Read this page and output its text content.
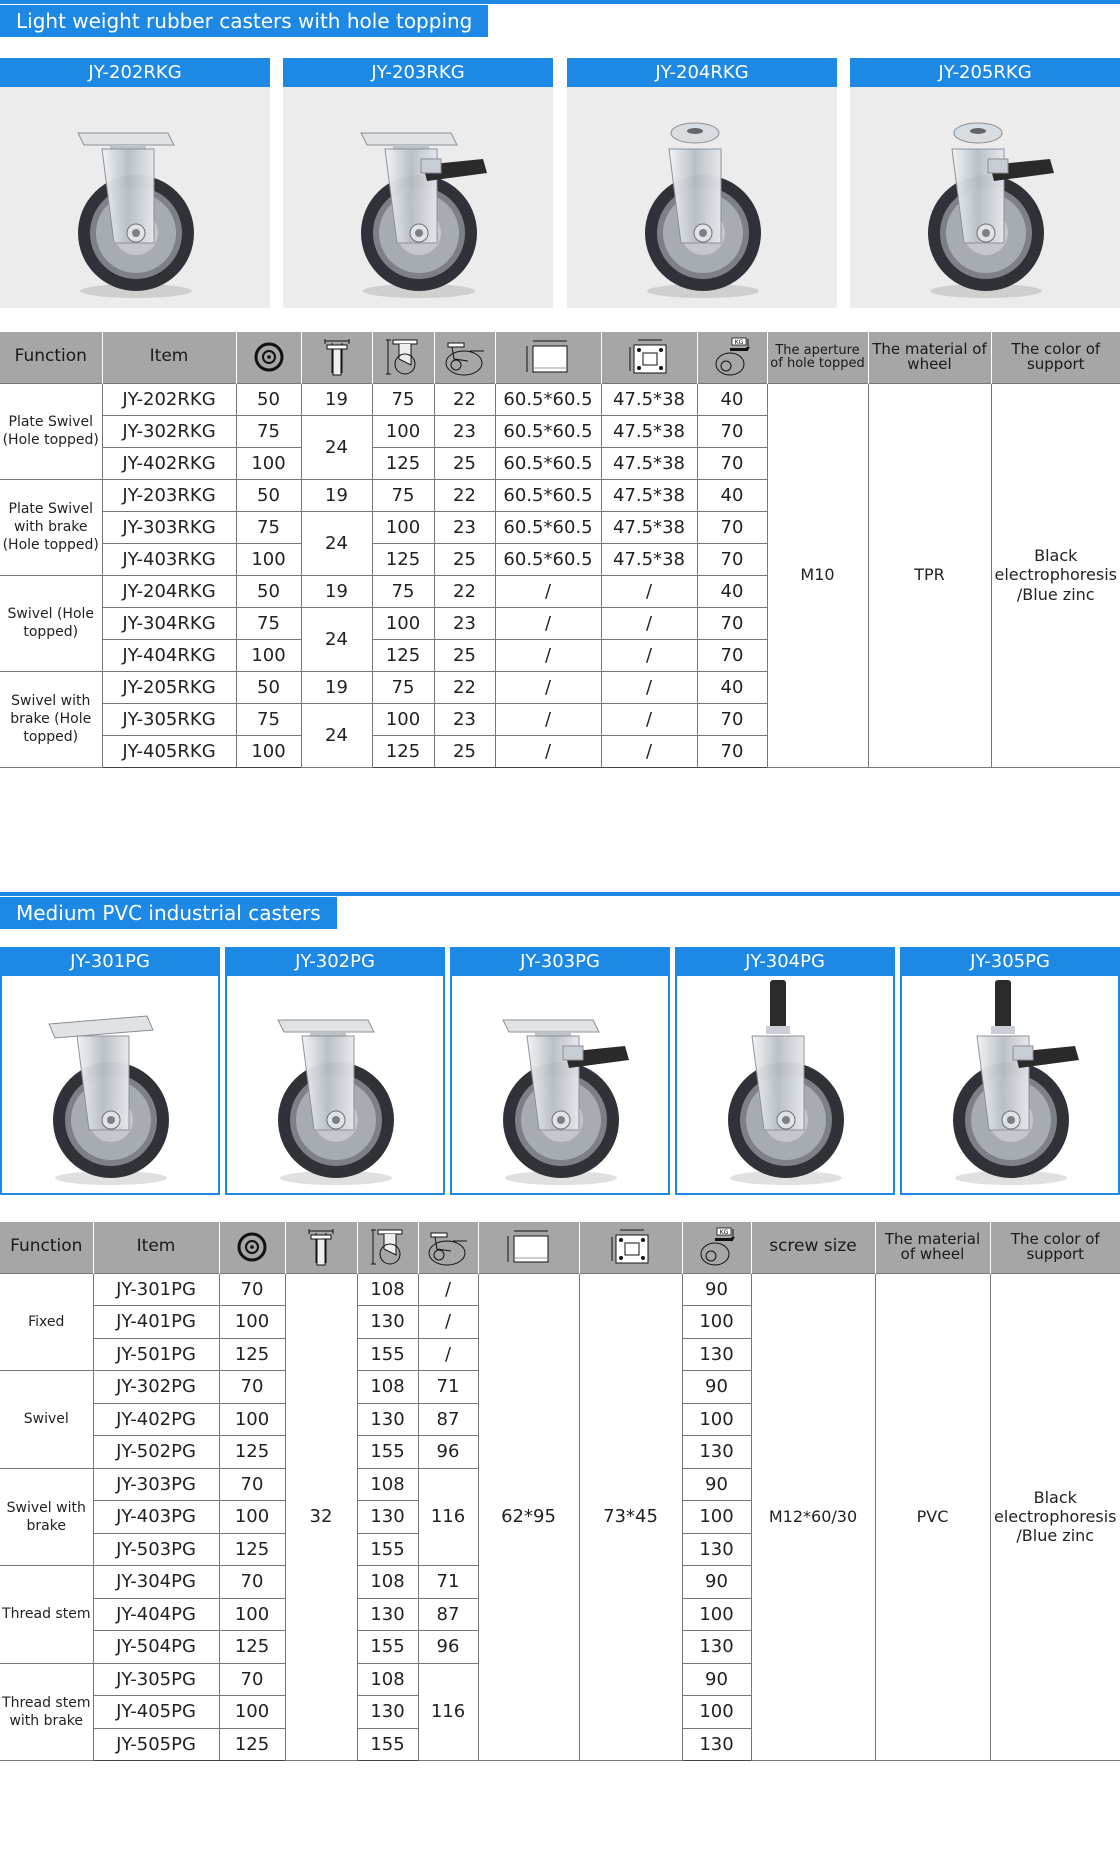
Light weight rubber casters with hole topping
JY-202RKG	JY-203RKG	JY-204RKG	JY-205RKG
Function	Item							KG	The aperture of hole topped	The material of wheel	The color of support
Plate Swivel (Hole topped)	JY-202RKG	50	19	75	22	60.5*60.5	47.5*38	40	M10	TPR	Black electrophoresis /Blue zinc
	JY-302RKG	75	24	100	23	60.5*60.5	47.5*38	70			
	JY-402RKG	100		125	25	60.5*60.5	47.5*38	70			
Plate Swivel with brake (Hole topped)	JY-203RKG	50	19	75	22	60.5*60.5	47.5*38	40			
	JY-303RKG	75	24	100	23	60.5*60.5	47.5*38	70			
	JY-403RKG	100		125	25	60.5*60.5	47.5*38	70			
Swivel (Hole topped)	JY-204RKG	50	19	75	22	/	/	40			
	JY-304RKG	75	24	100	23	/	/	70			
	JY-404RKG	100		125	25	/	/	70			
Swivel with brake (Hole topped)	JY-205RKG	50	19	75	22	/	/	40			
	JY-305RKG	75	24	100	23	/	/	70			
	JY-405RKG	100		125	25	/	/	70			
Medium PVC industrial casters
JY-301PG	JY-302PG	JY-303PG	JY-304PG	JY-305PG
Function	Item							KG	screw size	The material of wheel	The color of support
Fixed	JY-301PG	70	32	108	/	62*95	73*45	90	M12*60/30	PVC	Black electrophoresis /Blue zinc
	JY-401PG	100		130	/			100			
	JY-501PG	125		155	/			130			
Swivel	JY-302PG	70		108	71			90			
	JY-402PG	100		130	87			100			
	JY-502PG	125		155	96			130			
Swivel with brake	JY-303PG	70		108	116			90			
	JY-403PG	100		130				100			
	JY-503PG	125		155				130			
Thread stem	JY-304PG	70		108	71			90			
	JY-404PG	100		130	87			100			
	JY-504PG	125		155	96			130			
Thread stem with brake	JY-305PG	70		108	116			90			
	JY-405PG	100		130				100			
	JY-505PG	125		155				130			
